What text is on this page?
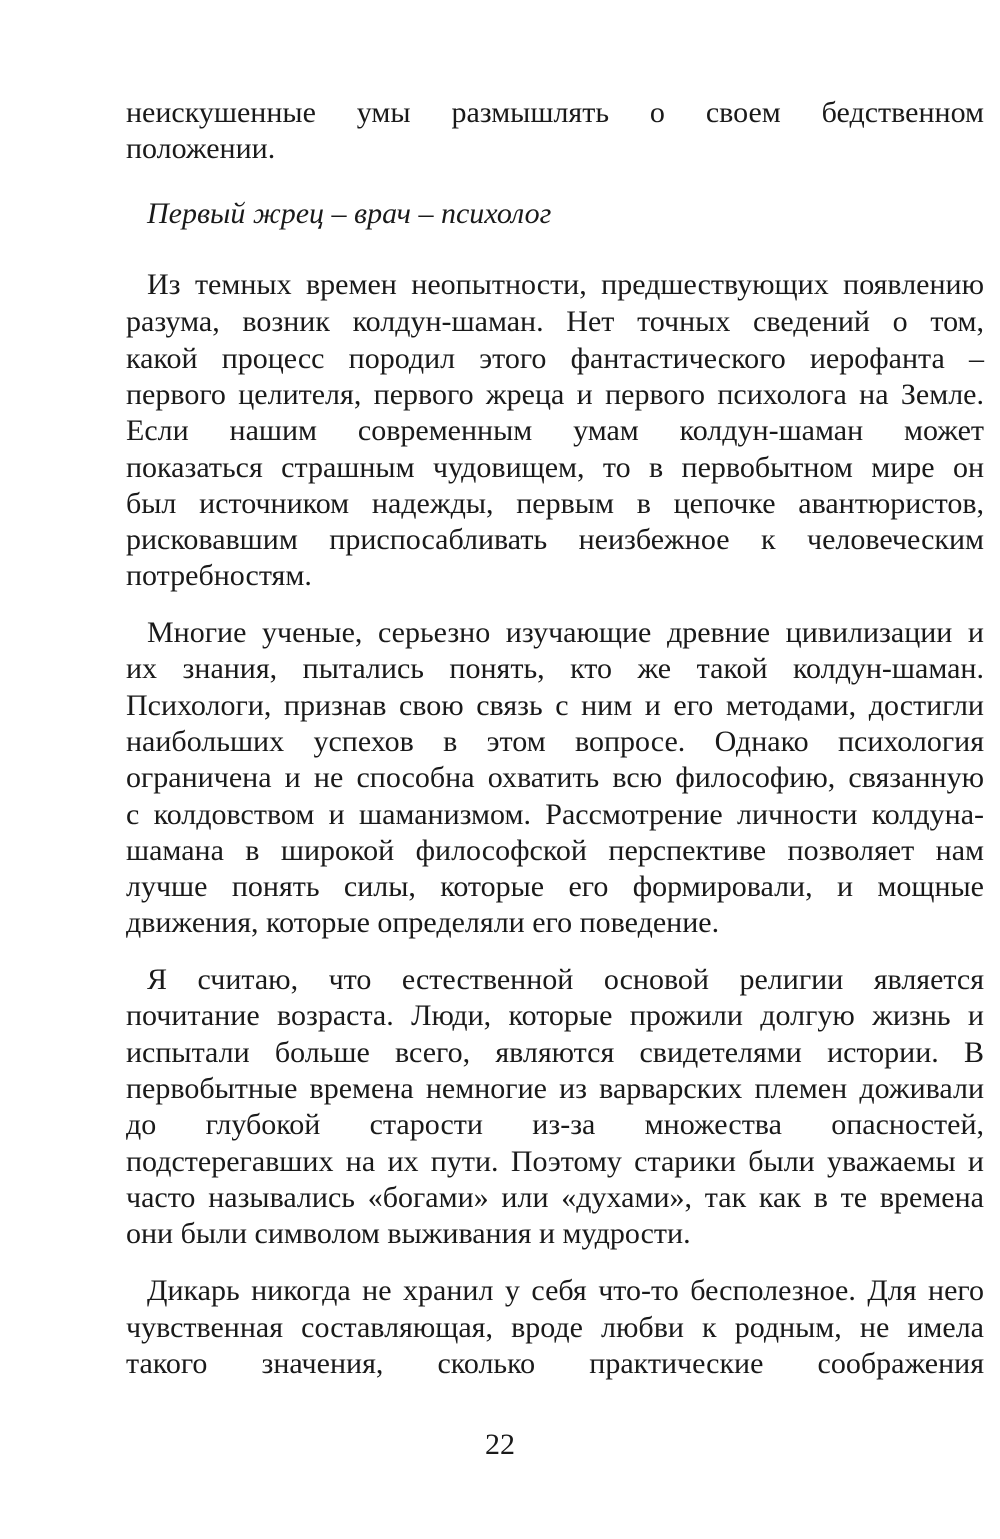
неискушенные умы размышлять о своем бедственном
положении.
Первый жрец – врач – психолог
Из темных времен неопытности, предшествующих появлению
разума, возник колдун-шаман. Нет точных сведений о том,
какой процесс породил этого фантастического иерофанта –
первого целителя, первого жреца и первого психолога на Земле.
Если нашим современным умам колдун-шаман может
показаться страшным чудовищем, то в первобытном мире он
был источником надежды, первым в цепочке авантюристов,
рисковавшим приспосабливать неизбежное к человеческим
потребностям.
Многие ученые, серьезно изучающие древние цивилизации и
их знания, пытались понять, кто же такой колдун-шаман.
Психологи, признав свою связь с ним и его методами, достигли
наибольших успехов в этом вопросе. Однако психология
ограничена и не способна охватить всю философию, связанную
с колдовством и шаманизмом. Рассмотрение личности колдуна-
шамана в широкой философской перспективе позволяет нам
лучше понять силы, которые его формировали, и мощные
движения, которые определяли его поведение.
Я считаю, что естественной основой религии является
почитание возраста. Люди, которые прожили долгую жизнь и
испытали больше всего, являются свидетелями истории. В
первобытные времена немногие из варварских племен доживали
до глубокой старости из-за множества опасностей,
подстерегавших на их пути. Поэтому старики были уважаемы и
часто назывались «богами» или «духами», так как в те времена
они были символом выживания и мудрости.
Дикарь никогда не хранил у себя что-то бесполезное. Для него
чувственная составляющая, вроде любви к родным, не имела
такого значения, сколько практические соображения
22
